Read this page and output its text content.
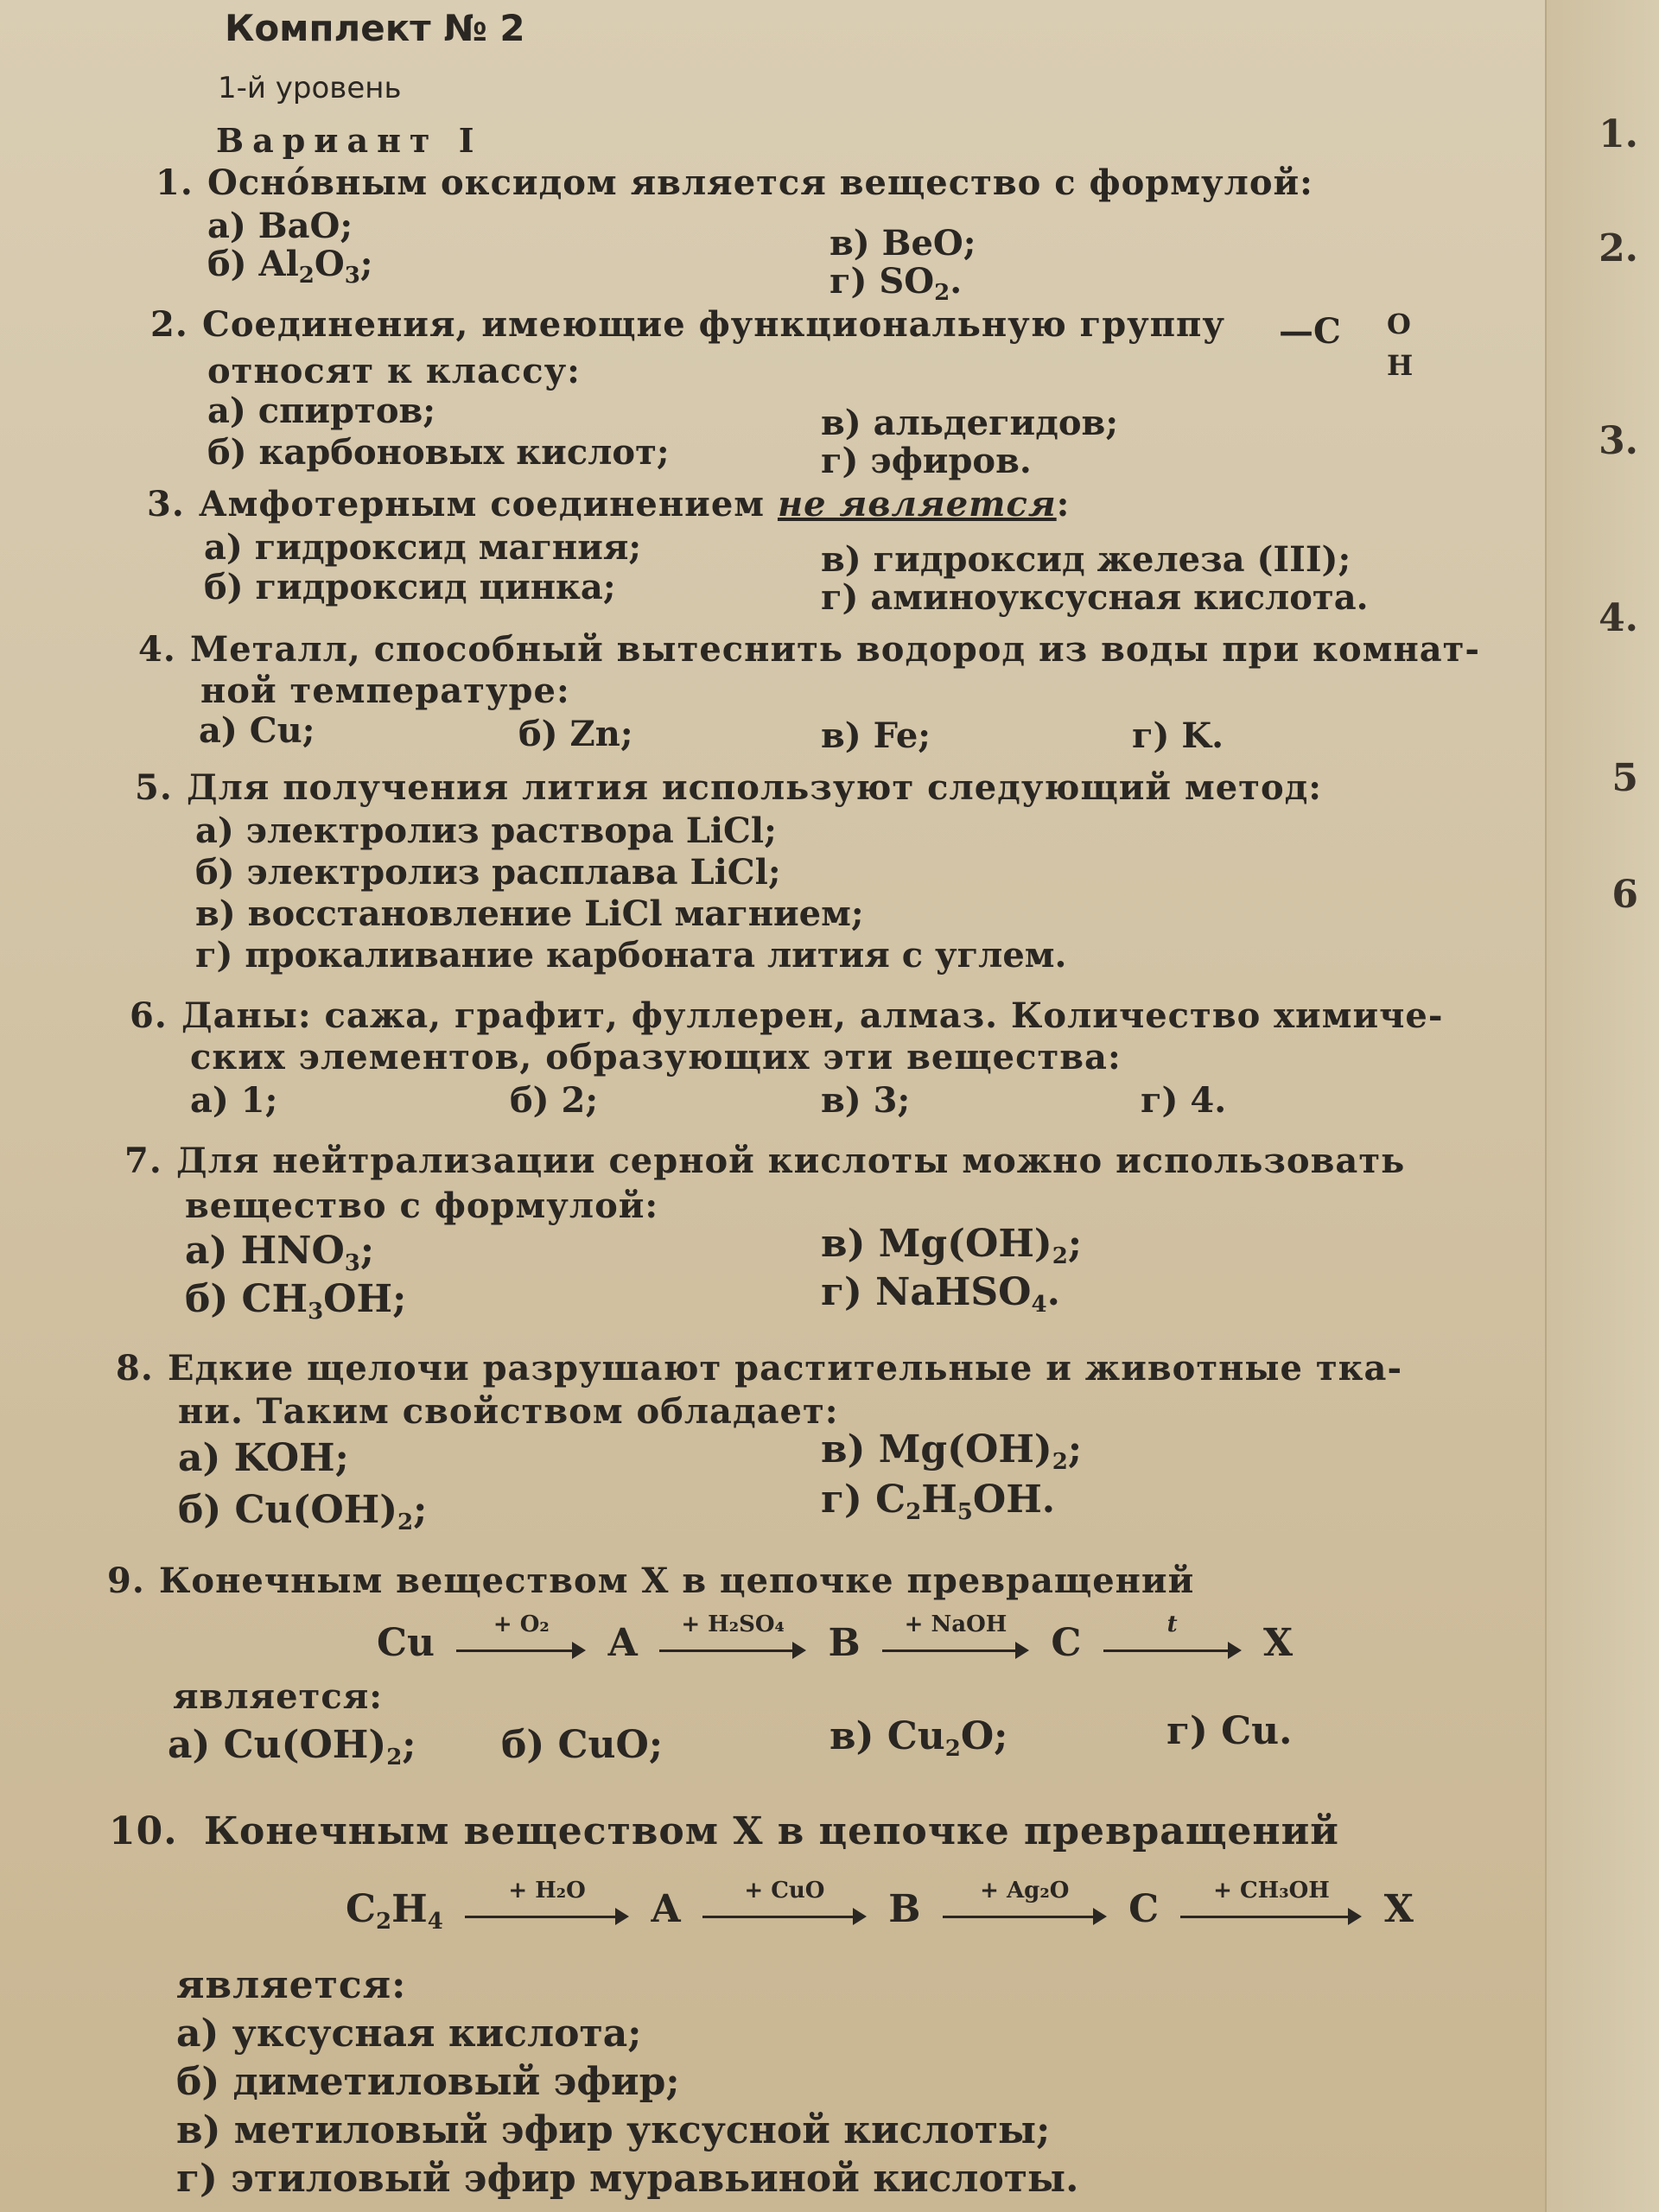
1.
2.
3.
4.
5
6
Комплект № 2
1-й уровень
Вариант I
1. Осно́вным оксидом является вещество с формулой:
а) BaO;
б) $Al_2O_3$;
в) BeO;
г) $SO_2$.
2. Соединения, имеющие функциональную группу —C O
H
относят к классу:
а) спиртов;
б) карбоновых кислот;
в) альдегидов;
г) эфиров.
3. Амфотерным соединением не является:
а) гидроксид магния;
б) гидроксид цинка;
в) гидроксид железа (III);
г) аминоуксусная кислота.
4. Металл, способный вытеснить водород из воды при комнат-
ной температуре:
а) Cu;	б) Zn;	в) Fe;	г) K.
5. Для получения лития используют следующий метод:
а) электролиз раствора LiCl;
б) электролиз расплава LiCl;
в) восстановление LiCl магнием;
г) прокаливание карбоната лития с углем.
6. Даны: сажа, графит, фуллерен, алмаз. Количество химиче-
ских элементов, образующих эти вещества:
а) 1;	б) 2;	в) 3;	г) 4.
7. Для нейтрализации серной кислоты можно использовать
вещество с формулой:
а) $HNO_3$;
б) $CH_3OH$;
в) $Mg(OH)_2$;
г) NaHSO$_4$.
8. Едкие щелочи разрушают растительные и животные тка-
ни. Таким свойством обладает:
а) KOH;
б) $Cu(OH)_2$;
в) $Mg(OH)_2$;
г) $C_2H_5OH$.
9. Конечным веществом X в цепочке превращений
Cu	+ O₂	A	+ H₂SO₄	B	+ NaOH	C	t	X
является:
а) $Cu(OH)_2$; б) CuO;	в) $Cu_2O$;	г) Cu.
10. Конечным веществом X в цепочке превращений
$C_2H_4$
+ H₂O	A	+ CuO	B	+ Ag₂O	C	+ CH₃OH	X
является:
а) уксусная кислота;
б) диметиловый эфир;
в) метиловый эфир уксусной кислоты;
г) этиловый эфир муравьиной кислоты.
